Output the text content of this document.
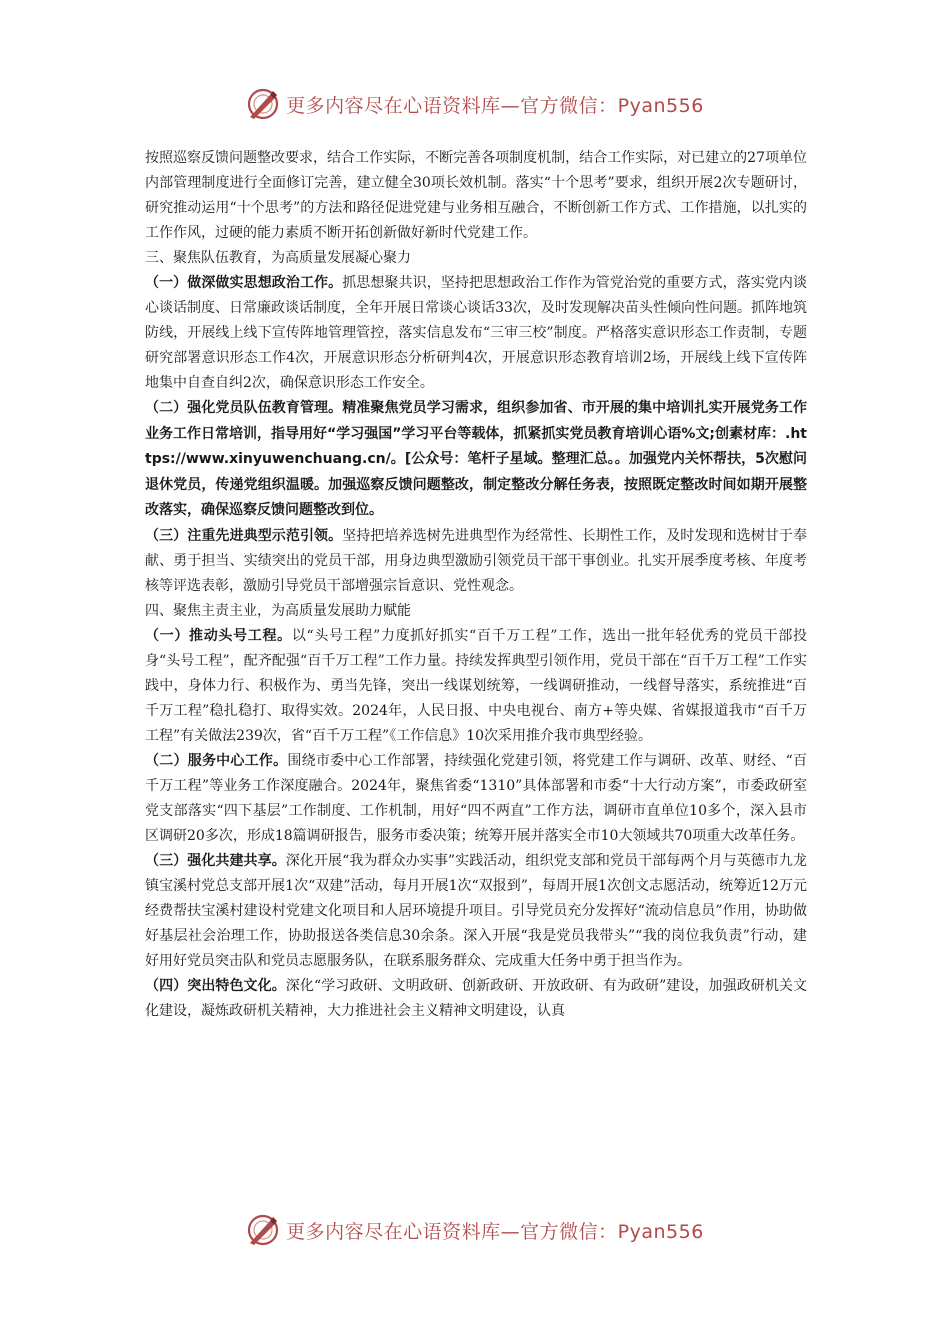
更多内容尽在心语资料库—官方微信：Pyan556

按照巡察反馈问题整改要求，结合工作实际，不断完善各项制度机制，结合工作实际，对已建立的27项单位内部管理制度进行全面修订完善，建立健全30项长效机制。落实“十个思考”要求，组织开展2次专题研讨，研究推动运用“十个思考”的方法和路径促进党建与业务相互融合，不断创新工作方式、工作措施，以扎实的工作作风，过硬的能力素质不断开拓创新做好新时代党建工作。

三、聚焦队伍教育，为高质量发展凝心聚力

（一）做深做实思想政治工作。抓思想聚共识，坚持把思想政治工作作为管党治党的重要方式，落实党内谈心谈话制度、日常廉政谈话制度，全年开展日常谈心谈话33次，及时发现解决苗头性倾向性问题。抓阵地筑防线，开展线上线下宣传阵地管理管控，落实信息发布“三审三校”制度。严格落实意识形态工作责制，专题研究部署意识形态工作4次，开展意识形态分析研判4次，开展意识形态教育培训2场，开展线上线下宣传阵地集中自查自纠2次，确保意识形态工作安全。

（二）强化党员队伍教育管理。精准聚焦党员学习需求，组织参加省、市开展的集中培训扎实开展党务工作业务工作日常培训，指导用好“学习强国”学习平台等载体，抓紧抓实党员教育培训心语%文;创素材库：.https://www.xinyuwenchuang.cn/。[公众号：笔杆子星域。整理汇总。。加强党内关怀帮扶，5次慰问退休党员，传递党组织温暖。加强巡察反馈问题整改，制定整改分解任务表，按照既定整改时间如期开展整改落实，确保巡察反馈问题整改到位。

（三）注重先进典型示范引领。坚持把培养选树先进典型作为经常性、长期性工作，及时发现和选树甘于奉献、勇于担当、实绩突出的党员干部，用身边典型激励引领党员干部干事创业。扎实开展季度考核、年度考核等评选表彰，激励引导党员干部增强宗旨意识、党性观念。

四、聚焦主责主业，为高质量发展助力赋能

（一）推动头号工程。以“头号工程”力度抓好抓实“百千万工程”工作，选出一批年轻优秀的党员干部投身“头号工程”，配齐配强“百千万工程”工作力量。持续发挥典型引领作用，党员干部在“百千万工程”工作实践中，身体力行、积极作为、勇当先锋，突出一线谋划统筹，一线调研推动，一线督导落实，系统推进“百千万工程”稳扎稳打、取得实效。2024年，人民日报、中央电视台、南方+等央媒、省媒报道我市“百千万工程”有关做法239次，省“百千万工程”《工作信息》10次采用推介我市典型经验。

（二）服务中心工作。围绕市委中心工作部署，持续强化党建引领，将党建工作与调研、改革、财经、“百千万工程”等业务工作深度融合。2024年，聚焦省委“1310”具体部署和市委“十大行动方案”，市委政研室党支部落实“四下基层”工作制度、工作机制，用好“四不两直”工作方法，调研市直单位10多个，深入县市区调研20多次，形成18篇调研报告，服务市委决策；统筹开展并落实全市10大领域共70项重大改革任务。

（三）强化共建共享。深化开展“我为群众办实事”实践活动，组织党支部和党员干部每两个月与英德市九龙镇宝溪村党总支部开展1次“双建”活动，每月开展1次“双报到”，每周开展1次创文志愿活动，统筹近12万元经费帮扶宝溪村建设村党建文化项目和人居环境提升项目。引导党员充分发挥好“流动信息员”作用，协助做好基层社会治理工作，协助报送各类信息30余条。深入开展“我是党员我带头”“我的岗位我负责”行动，建好用好党员突击队和党员志愿服务队，在联系服务群众、完成重大任务中勇于担当作为。

（四）突出特色文化。深化“学习政研、文明政研、创新政研、开放政研、有为政研”建设，加强政研机关文化建设，凝炼政研机关精神，大力推进社会主义精神文明建设，认真

更多内容尽在心语资料库—官方微信：Pyan556
